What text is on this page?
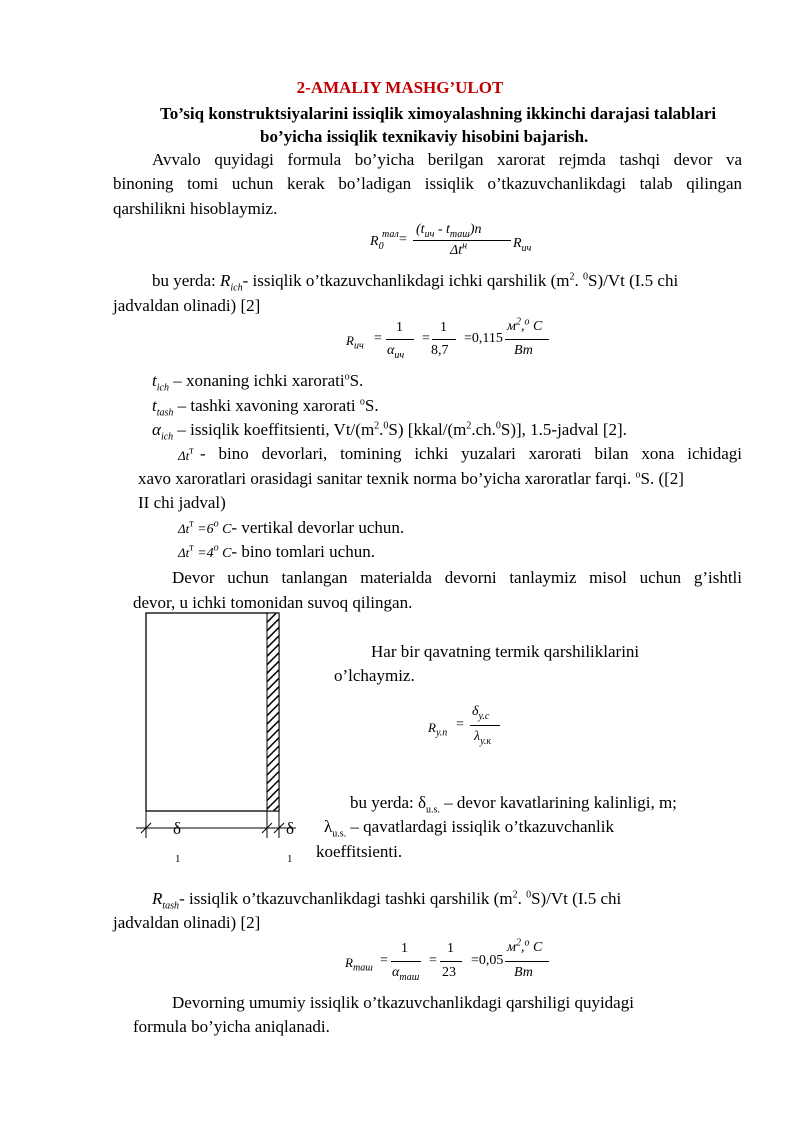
2-AMALIY MASHG’ULOT
To’siq konstruktsiyalarini issiqlik ximoyalashning ikkinchi darajasi talablari
bo’yicha issiqlik texnikaviy hisobini bajarish.
Avvalo quyidagi formula bo’yicha berilgan xarorat rejmda tashqi devor va
binoning tomi uchun kerak bo’ladigan issiqlik o’tkazuvchanlikdagi talab qilingan
qarshilikni hisoblaymiz.
$R_0$
тал =
$(t_{ич} - t_{таш})n$
$\Delta t^н$	$R_{ич}$
bu yerda: $R_{ich}-$ issiqlik o’tkazuvchanlikdagi ichki qarshilik ($m^2$. $^0$S)/Vt (I.5 chi
jadvaldan olinadi) [2]
$R_{ич}$
=
1
$\alpha_{ич}$
=
1
8,7
=0,115
$м^2,^o$ C
Вт
$t_{ich}$ – xonaning ichki xarorati$^o$S.
$t_{tash}$ – tashki xavoning xarorati $^o$S.
$\alpha_{ich}$ – issiqlik koeffitsienti, $Vt/(m^2.^0S)$ $[kkal/(m^2.ch.^0S)]$, 1.5-jadval [2].
$\Delta t^т$ - bino devorlari, tomining ichki yuzalari xarorati bilan xona ichidagi
xavo xaroratlari orasidagi sanitar texnik norma bo’yicha xaroratlar farqi. $^o$S. ([2]
II chi jadval)
$\Delta t^т =6^o$ C- vertikal devorlar uchun.
$\Delta t^т =4^o$ C- bino tomlari uchun.
Devor uchun tanlangan materialda devorni tanlaymiz misol uchun g’ishtli
devor, u ichki tomonidan suvoq qilingan.
δ	δ
1	1
Har bir qavatning termik qarshiliklarini
o’lchaymiz.
$R_{у.п}$
=
$\delta_{у.с}$
$\lambda_{у.к}$
bu yerda: $\delta_{u.s.}$ – devor kavatlarining kalinligi, m;
$\lambda_{u.s.}$ – qavatlardagi issiqlik o’tkazuvchanlik
koeffitsienti.
$R_{tash}-$ issiqlik o’tkazuvchanlikdagi tashki qarshilik ($m^2$. $^0$S)/Vt (I.5 chi
jadvaldan olinadi) [2]
$R_{таш}$
=
1
$\alpha_{таш}$
=
1
23
=0,05
$м^2,^o$ C
Вт
Devorning umumiy issiqlik o’tkazuvchanlikdagi qarshiligi quyidagi
formula bo’yicha aniqlanadi.
